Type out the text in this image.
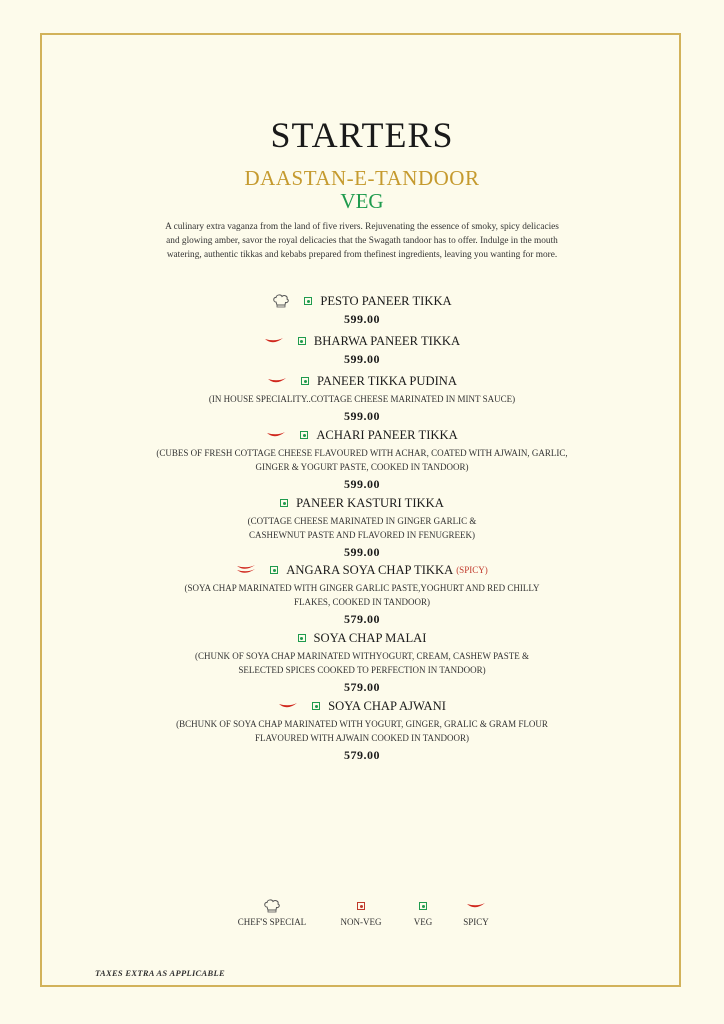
STARTERS
DAASTAN-E-TANDOOR
VEG
A culinary extra vaganza from the land of five rivers. Rejuvenating the essence of smoky, spicy delicacies and glowing amber, savor the royal delicacies that the Swagath tandoor has to offer. Indulge in the mouth watering, authentic tikkas and kebabs prepared from thefinest ingredients, leaving you wanting for more.
PESTO PANEER TIKKA
599.00
BHARWA PANEER TIKKA
599.00
PANEER TIKKA PUDINA
(IN HOUSE SPECIALITY..COTTAGE CHEESE MARINATED IN MINT SAUCE)
599.00
ACHARI PANEER TIKKA
(CUBES OF FRESH COTTAGE CHEESE FLAVOURED WITH ACHAR, COATED WITH AJWAIN, GARLIC, GINGER & YOGURT PASTE, COOKED IN TANDOOR)
599.00
PANEER KASTURI TIKKA
(COTTAGE CHEESE MARINATED IN GINGER GARLIC & CASHEWNUT PASTE AND FLAVORED IN FENUGREEK)
599.00
ANGARA SOYA CHAP TIKKA (SPICY)
(SOYA CHAP MARINATED WITH GINGER GARLIC PASTE,YOGHURT AND RED CHILLY FLAKES, COOKED IN TANDOOR)
579.00
SOYA CHAP MALAI
(CHUNK OF SOYA CHAP MARINATED WITHYOGURT, CREAM, CASHEW PASTE & SELECTED SPICES COOKED TO PERFECTION IN TANDOOR)
579.00
SOYA CHAP AJWANI
(BCHUNK OF SOYA CHAP MARINATED WITH YOGURT, GINGER, GRALIC & GRAM FLOUR FLAVOURED WITH AJWAIN COOKED IN TANDOOR)
579.00
CHEF'S SPECIAL	NON-VEG	VEG	SPICY
TAXES EXTRA AS APPLICABLE
